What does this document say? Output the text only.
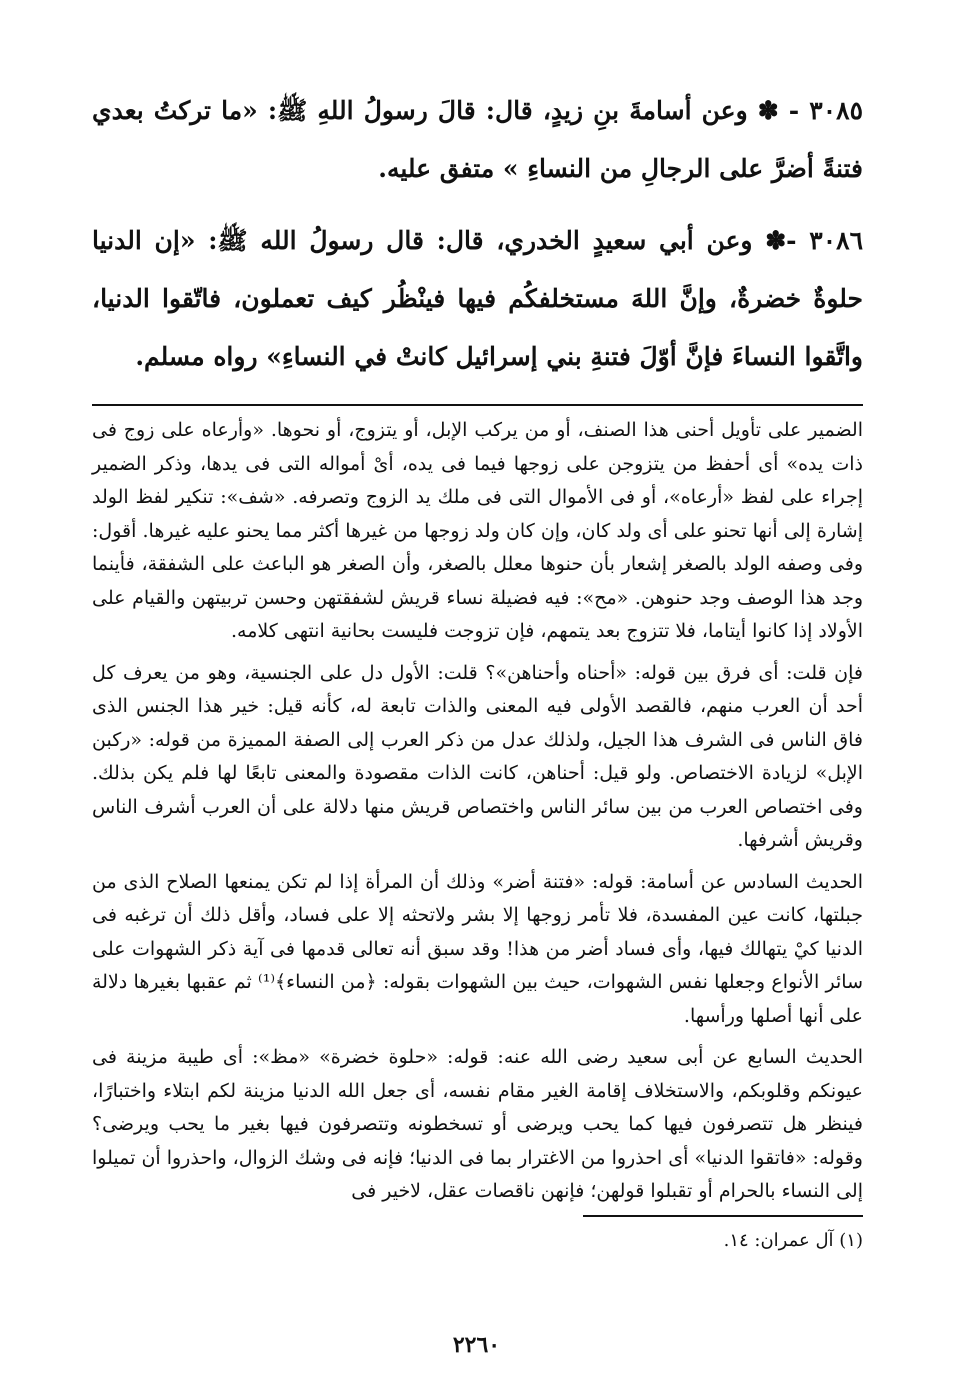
٣٠٨٥ - ✽ وعن أسامةَ بنِ زيدٍ، قال: قالَ رسولُ اللهِ ﷺ: «ما تركتُ بعدي فتنةً أضرَّ على الرجالِ من النساءِ » متفق عليه.

٣٠٨٦ -✽ وعن أبي سعيدٍ الخدري، قال: قال رسولُ الله ﷺ: «إن الدنيا حلوةٌ خضرةٌ، وإنَّ اللهَ مستخلفكُم فيها فينْظُر كيف تعملون، فاتّقوا الدنيا، واتَّقوا النساءَ فإنَّ أوّلَ فتنةِ بني إسرائيل كانتْ في النساءِ» رواه مسلم.

الضمير على تأويل أحنى هذا الصنف، أو من يركب الإبل، أو يتزوج، أو نحوها. «وأرعاه على زوج فى ذات يده» أى أحفظ من يتزوجن على زوجها فيما فى يده، أىْ أمواله التى فى يدها، وذكر الضمير إجراء على لفظ «أرعاه»، أو فى الأموال التى فى ملك يد الزوج وتصرفه. «شف»: تنكير لفظ الولد إشارة إلى أنها تحنو على أى ولد كان، وإن كان ولد زوجها من غيرها أكثر مما يحنو عليه غيرها. أقول: وفى وصفه الولد بالصغر إشعار بأن حنوها معلل بالصغر، وأن الصغر هو الباعث على الشفقة، فأينما وجد هذا الوصف وجد حنوهن. «مح»: فيه فضيلة نساء قريش لشفقتهن وحسن تربيتهن والقيام على الأولاد إذا كانوا أيتاما، فلا تتزوج بعد يتمهم، فإن تزوجت فليست بحانية انتهى كلامه.

فإن قلت: أى فرق بين قوله: «أحناه وأحناهن»؟ قلت: الأول دل على الجنسية، وهو من يعرف كل أحد أن العرب منهم، فالقصد الأولى فيه المعنى والذات تابعة له، كأنه قيل: خير هذا الجنس الذى فاق الناس فى الشرف هذا الجيل، ولذلك عدل من ذكر العرب إلى الصفة المميزة من قوله: «ركبن الإبل» لزيادة الاختصاص. ولو قيل: أحناهن، كانت الذات مقصودة والمعنى تابعًا لها فلم يكن بذلك. وفى اختصاص العرب من بين سائر الناس واختصاص قريش منها دلالة على أن العرب أشرف الناس وقريش أشرفها.

الحديث السادس عن أسامة: قوله: «فتنة أضر» وذلك أن المرأة إذا لم تكن يمنعها الصلاح الذى من جبلتها، كانت عين المفسدة، فلا تأمر زوجها إلا بشر ولاتحثه إلا على فساد، وأقل ذلك أن ترغبه فى الدنيا كيْ يتهالك فيها، وأى فساد أضر من هذا! وقد سبق أنه تعالى قدمها فى آية ذكر الشهوات على سائر الأنواع وجعلها نفس الشهوات، حيث بين الشهوات بقوله: ﴿من النساء﴾⁽¹⁾ ثم عقبها بغيرها دلالة على أنها أصلها ورأسها.

الحديث السابع عن أبى سعيد رضى الله عنه: قوله: «حلوة خضرة» «مظ»: أى طيبة مزينة فى عيونكم وقلوبكم، والاستخلاف إقامة الغير مقام نفسه، أى جعل الله الدنيا مزينة لكم ابتلاء واختبارًا، فينظر هل تتصرفون فيها كما يحب ويرضى أو تسخطونه وتتصرفون فيها بغير ما يحب ويرضى؟ وقوله: «فاتقوا الدنيا» أى احذروا من الاغترار بما فى الدنيا؛ فإنه فى وشك الزوال، واحذروا أن تميلوا إلى النساء بالحرام أو تقبلوا قولهن؛ فإنهن ناقصات عقل، لاخير فى

(١) آل عمران: ١٤.

٢٢٦٠
